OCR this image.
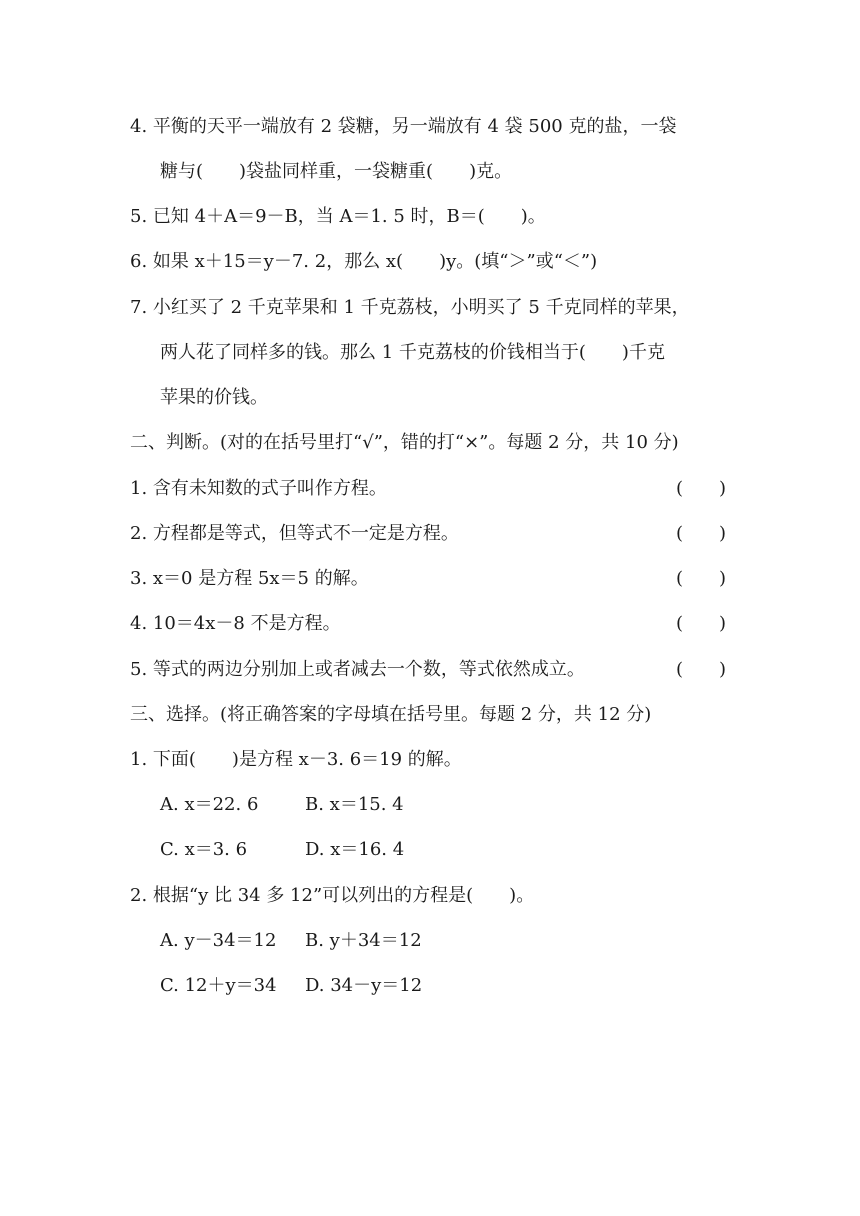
4. 平衡的天平一端放有 2 袋糖，另一端放有 4 袋 500 克的盐，一袋
糖与(　　)袋盐同样重，一袋糖重(　　)克。
5. 已知 4＋A＝9－B，当 A＝1. 5 时，B＝(　　)。
6. 如果 x＋15＝y－7. 2，那么 x(　　)y。(填“＞”或“＜”)
7. 小红买了 2 千克苹果和 1 千克荔枝，小明买了 5 千克同样的苹果，
两人花了同样多的钱。那么 1 千克荔枝的价钱相当于(　　)千克
苹果的价钱。
二、判断。(对的在括号里打“√”，错的打“×”。每题 2 分，共 10 分)
1. 含有未知数的式子叫作方程。	(　　)
2. 方程都是等式，但等式不一定是方程。	(　　)
3. x＝0 是方程 5x＝5 的解。	(　　)
4. 10＝4x－8 不是方程。	(　　)
5. 等式的两边分别加上或者减去一个数，等式依然成立。	(　　)
三、选择。(将正确答案的字母填在括号里。每题 2 分，共 12 分)
1. 下面(　　)是方程 x－3. 6＝19 的解。
A. x＝22. 6	B. x＝15. 4
C. x＝3. 6	D. x＝16. 4
2. 根据“y 比 34 多 12”可以列出的方程是(　　)。
A. y－34＝12	B. y＋34＝12
C. 12＋y＝34	D. 34－y＝12
